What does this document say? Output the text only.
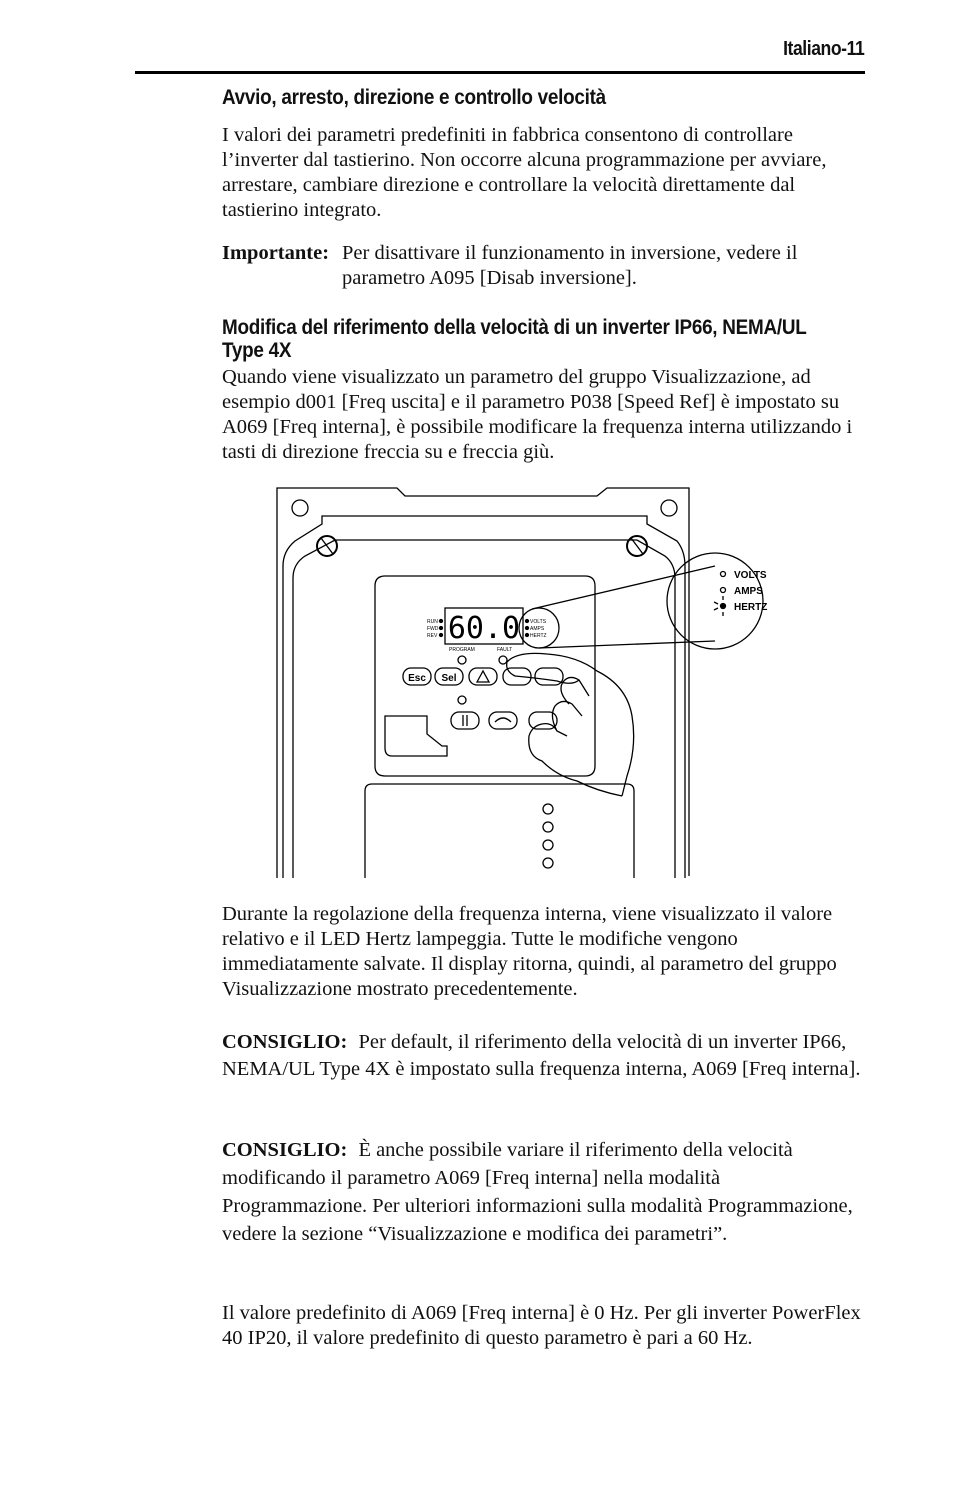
Italiano-11
Avvio, arresto, direzione e controllo velocità

I valori dei parametri predefiniti in fabbrica consentono di controllare l’inverter dal tastierino. Non occorre alcuna programmazione per avviare, arrestare, cambiare direzione e controllare la velocità direttamente dal tastierino integrato.

Importante: Per disattivare il funzionamento in inversione, vedere il parametro A095 [Disab inversione].
Modifica del riferimento della velocità di un inverter IP66, NEMA/UL
Type 4X

Quando viene visualizzato un parametro del gruppo Visualizzazione, ad esempio d001 [Freq uscita] e il parametro P038 [Speed Ref] è impostato su A069 [Freq interna], è possibile modificare la frequenza interna utilizzando i tasti di direzione freccia su e freccia giù.

60.0
RUN
FWD
REV
VOLTS
AMPS
HERTZ
PROGRAM	FAULT
VOLTS
AMPS
HERTZ
Esc Sel

Durante la regolazione della frequenza interna, viene visualizzato il valore relativo e il LED Hertz lampeggia. Tutte le modifiche vengono immediatamente salvate. Il display ritorna, quindi, al parametro del gruppo Visualizzazione mostrato precedentemente.

CONSIGLIO: Per default, il riferimento della velocità di un inverter IP66, NEMA/UL Type 4X è impostato sulla frequenza interna, A069 [Freq interna].

CONSIGLIO: È anche possibile variare il riferimento della velocità modificando il parametro A069 [Freq interna] nella modalità Programmazione. Per ulteriori informazioni sulla modalità Programmazione, vedere la sezione “Visualizzazione e modifica dei parametri”.

Il valore predefinito di A069 [Freq interna] è 0 Hz. Per gli inverter PowerFlex 40 IP20, il valore predefinito di questo parametro è pari a 60 Hz.
